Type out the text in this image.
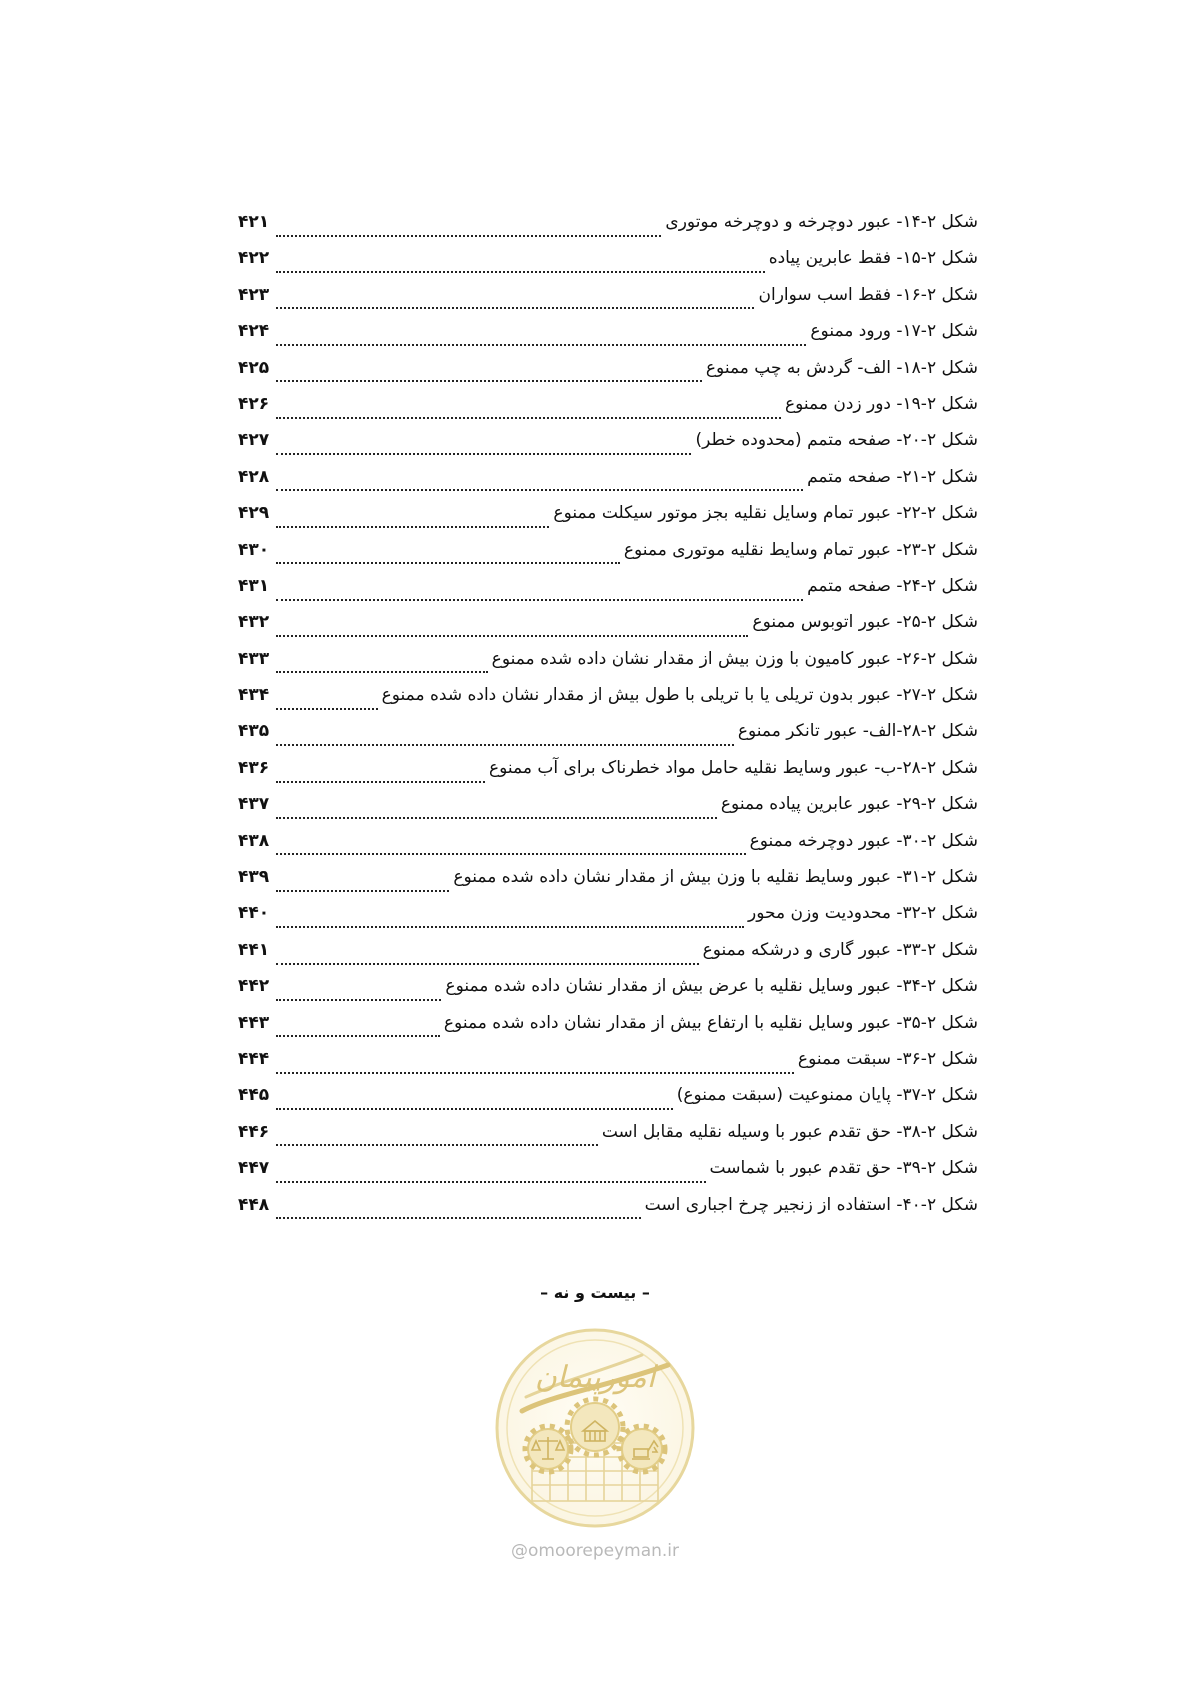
شکل ۲-۱۴- عبور دوچرخه و دوچرخه موتوری
۴۲۱
شکل ۲-۱۵- فقط عابرین پیاده
۴۲۲
شکل ۲-۱۶- فقط اسب سواران
۴۲۳
شکل ۲-۱۷- ورود ممنوع
۴۲۴
شکل ۲-۱۸- الف- گردش به چپ ممنوع
۴۲۵
شکل ۲-۱۹- دور زدن ممنوع
۴۲۶
شکل ۲-۲۰- صفحه متمم (محدوده خطر)
۴۲۷
شکل ۲-۲۱- صفحه متمم
۴۲۸
شکل ۲-۲۲- عبور تمام وسایل نقلیه بجز موتور سیکلت ممنوع
۴۲۹
شکل ۲-۲۳- عبور تمام وسایط نقلیه موتوری ممنوع
۴۳۰
شکل ۲-۲۴- صفحه متمم
۴۳۱
شکل ۲-۲۵- عبور اتوبوس ممنوع
۴۳۲
شکل ۲-۲۶- عبور کامیون با وزن بیش از مقدار نشان داده شده ممنوع
۴۳۳
شکل ۲-۲۷- عبور بدون تریلی یا با تریلی با طول بیش از مقدار نشان داده شده ممنوع
۴۳۴
شکل ۲-۲۸-الف- عبور تانکر ممنوع
۴۳۵
شکل ۲-۲۸-ب- عبور وسایط نقلیه حامل مواد خطرناک برای آب ممنوع
۴۳۶
شکل ۲-۲۹- عبور عابرین پیاده ممنوع
۴۳۷
شکل ۲-۳۰- عبور دوچرخه ممنوع
۴۳۸
شکل ۲-۳۱- عبور وسایط نقلیه با وزن بیش از مقدار نشان داده شده ممنوع
۴۳۹
شکل ۲-۳۲- محدودیت وزن محور
۴۴۰
شکل ۲-۳۳- عبور گاری و درشکه ممنوع
۴۴۱
شکل ۲-۳۴- عبور وسایل نقلیه با عرض بیش از مقدار نشان داده شده ممنوع
۴۴۲
شکل ۲-۳۵- عبور وسایل نقلیه با ارتفاع بیش از مقدار نشان داده شده ممنوع
۴۴۳
شکل ۲-۳۶- سبقت ممنوع
۴۴۴
شکل ۲-۳۷- پایان ممنوعیت (سبقت ممنوع)
۴۴۵
شکل ۲-۳۸- حق تقدم عبور با وسیله نقلیه مقابل است
۴۴۶
شکل ۲-۳۹- حق تقدم عبور با شماست
۴۴۷
شکل ۲-۴۰- استفاده از زنجیر چرخ اجباری است
۴۴۸
– بیست و نه –
امورپیمان
@omoorepeyman.ir
